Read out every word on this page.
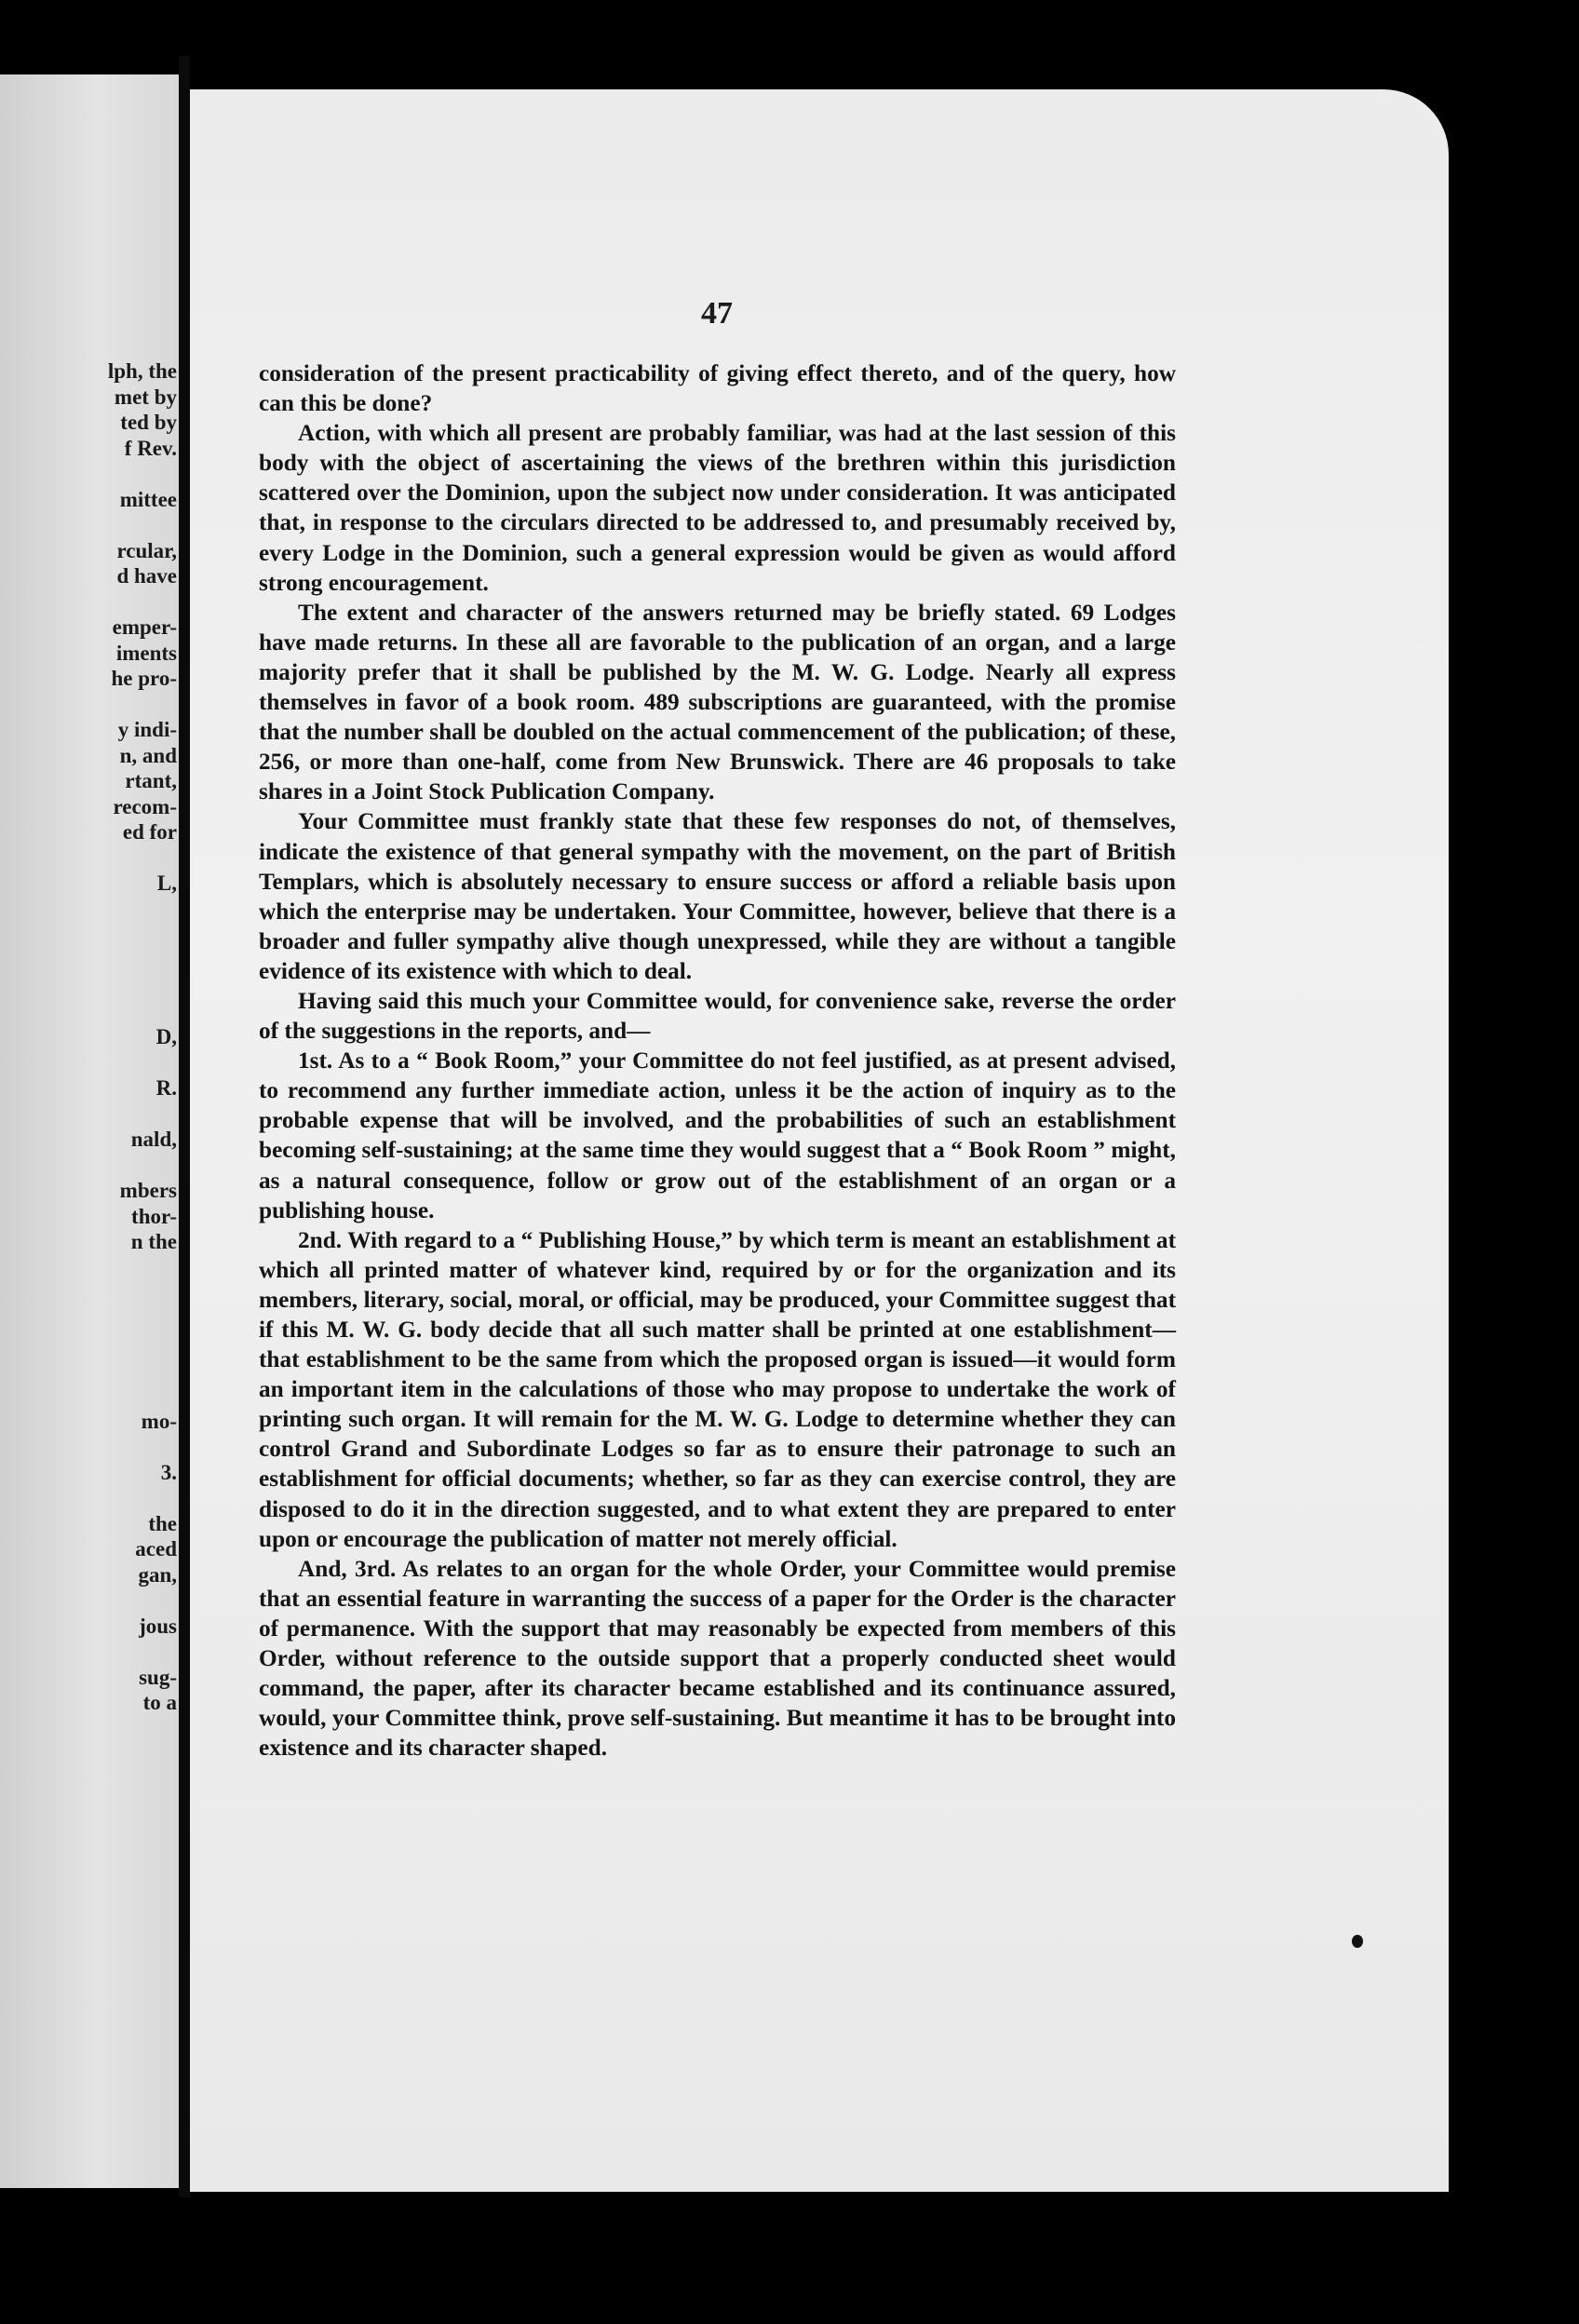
lph, the
met by
ted by
f Rev.
mittee
rcular,
d have
emper-
iments
he pro-
y indi-
n, and
rtant,
recom-
ed for
L,
D,
R.
nald,
mbers
thor-
n the
mo-
3.
the
aced
gan,
jous
sug-
to a
47

consideration of the present practicability of giving effect thereto, and of the query, how can this be done?

Action, with which all present are probably familiar, was had at the last session of this body with the object of ascertaining the views of the brethren within this jurisdiction scattered over the Dominion, upon the subject now under consideration. It was anticipated that, in response to the circulars directed to be addressed to, and presumably received by, every Lodge in the Dominion, such a general expression would be given as would afford strong encouragement.

The extent and character of the answers returned may be briefly stated. 69 Lodges have made returns. In these all are favorable to the publication of an organ, and a large majority prefer that it shall be published by the M. W. G. Lodge. Nearly all express themselves in favor of a book room. 489 subscriptions are guaranteed, with the promise that the number shall be doubled on the actual commencement of the publication; of these, 256, or more than one-half, come from New Brunswick. There are 46 proposals to take shares in a Joint Stock Publication Company.

Your Committee must frankly state that these few responses do not, of themselves, indicate the existence of that general sympathy with the movement, on the part of British Templars, which is absolutely necessary to ensure success or afford a reliable basis upon which the enterprise may be undertaken. Your Committee, however, believe that there is a broader and fuller sympathy alive though unexpressed, while they are without a tangible evidence of its existence with which to deal.

Having said this much your Committee would, for convenience sake, reverse the order of the suggestions in the reports, and—

1st. As to a “ Book Room,” your Committee do not feel justified, as at present advised, to recommend any further immediate action, unless it be the action of inquiry as to the probable expense that will be involved, and the probabilities of such an establishment becoming self-sustaining; at the same time they would suggest that a “ Book Room ” might, as a natural consequence, follow or grow out of the establishment of an organ or a publishing house.

2nd. With regard to a “ Publishing House,” by which term is meant an establishment at which all printed matter of whatever kind, required by or for the organization and its members, literary, social, moral, or official, may be produced, your Committee suggest that if this M. W. G. body decide that all such matter shall be printed at one establishment—that establishment to be the same from which the proposed organ is issued—it would form an important item in the calculations of those who may propose to undertake the work of printing such organ. It will remain for the M. W. G. Lodge to determine whether they can control Grand and Subordinate Lodges so far as to ensure their patronage to such an establishment for official documents; whether, so far as they can exercise control, they are disposed to do it in the direction suggested, and to what extent they are prepared to enter upon or encourage the publication of matter not merely official.

And, 3rd. As relates to an organ for the whole Order, your Committee would premise that an essential feature in warranting the success of a paper for the Order is the character of permanence. With the support that may reasonably be expected from members of this Order, without reference to the outside support that a properly conducted sheet would command, the paper, after its character became established and its continuance assured, would, your Committee think, prove self-sustaining. But meantime it has to be brought into existence and its character shaped.
